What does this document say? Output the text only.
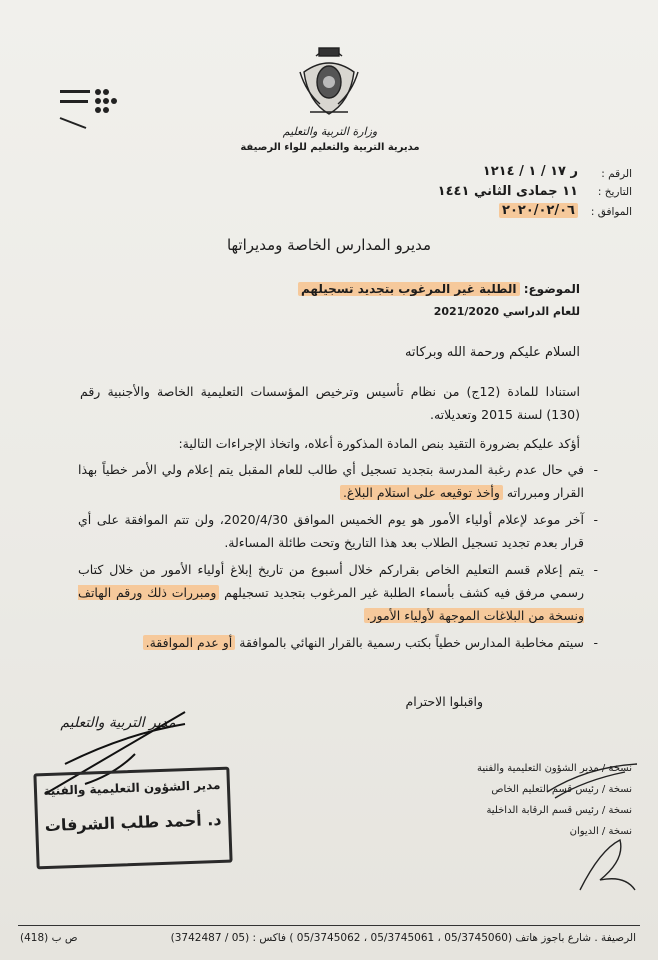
وزارة التربية والتعليم
مديرية التربية والتعليم للواء الرصيفة
الرقم :
ر ١٧ / ١ / ١٢١٤
التاريخ :
١١ جمادى الثاني ١٤٤١
الموافق :
٢٠٢٠/٠٢/٠٦
مديرو المدارس الخاصة ومديراتها
الموضوع: الطلبة غير المرغوب بتجديد تسجيلهم
للعام الدراسي 2021/2020
السلام عليكم ورحمة الله وبركاته
استنادا للمادة (12ج) من نظام تأسيس وترخيص المؤسسات التعليمية الخاصة والأجنبية رقم (130) لسنة 2015 وتعديلاته.
أؤكد عليكم بضرورة التقيد بنص المادة المذكورة أعلاه، واتخاذ الإجراءات التالية:
- في حال عدم رغبة المدرسة بتجديد تسجيل أي طالب للعام المقبل يتم إعلام ولي الأمر خطياً بهذا القرار ومبرراته وأخذ توقيعه على استلام البلاغ.
- آخر موعد لإعلام أولياء الأمور هو يوم الخميس الموافق 2020/4/30، ولن تتم الموافقة على أي قرار بعدم تجديد تسجيل الطلاب بعد هذا التاريخ وتحت طائلة المساءلة.
- يتم إعلام قسم التعليم الخاص بقراركم خلال أسبوع من تاريخ إبلاغ أولياء الأمور من خلال كتاب رسمي مرفق فيه كشف بأسماء الطلبة غير المرغوب بتجديد تسجيلهم ومبررات ذلك ورقم الهاتف ونسخة من البلاغات الموجهة لأولياء الأمور.
- سيتم مخاطبة المدارس خطياً بكتب رسمية بالقرار النهائي بالموافقة أو عدم الموافقة.
واقبلوا الاحترام
مدير التربية والتعليم
مدير الشؤون التعليمية والفنية
د. أحمد طلب الشرفات
نسخة / مدير الشؤون التعليمية والفنية
نسخة / رئيس قسم التعليم الخاص
نسخة / رئيس قسم الرقابة الداخلية
نسخة / الديوان
الرصيفة . شارع باجوز هاتف (05/3745060 ، 05/3745061 ، 05/3745062 ) فاكس : (05 / 3742487)
ص ب (418)
